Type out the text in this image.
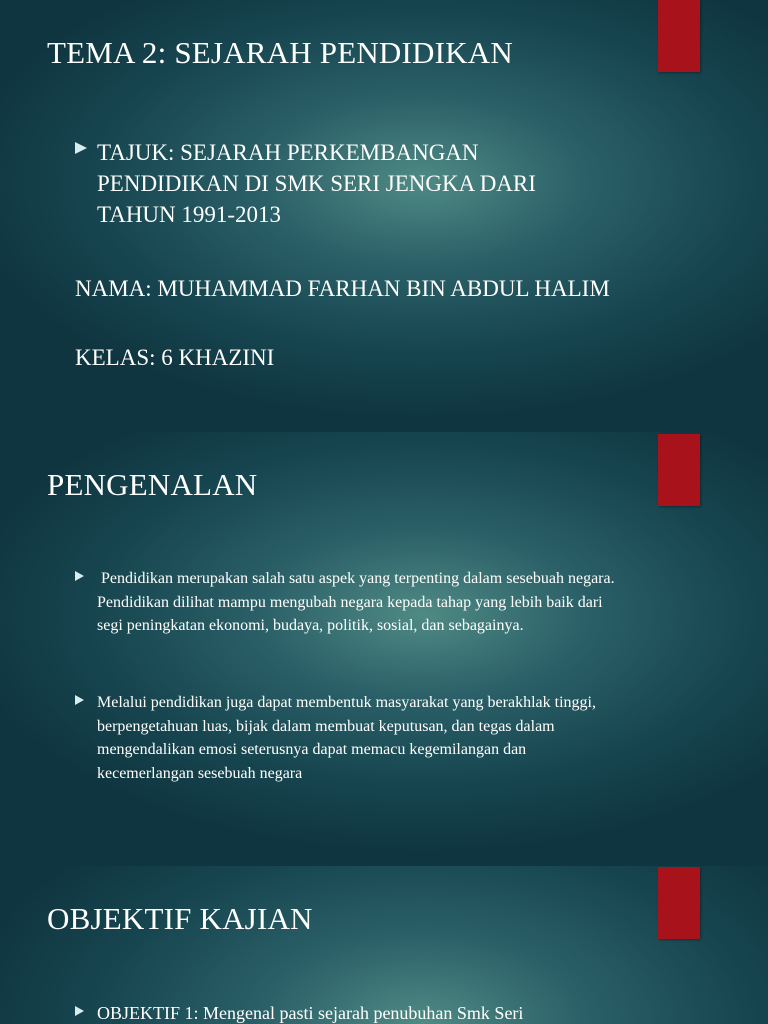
TEMA 2: SEJARAH PENDIDIKAN

TAJUK: SEJARAH PERKEMBANGAN PENDIDIKAN DI SMK SERI JENGKA DARI TAHUN 1991-2013

NAMA: MUHAMMAD FARHAN BIN ABDUL HALIM

KELAS: 6 KHAZINI

PENGENALAN

Pendidikan merupakan salah satu aspek yang terpenting dalam sesebuah negara. Pendidikan dilihat mampu mengubah negara kepada tahap yang lebih baik dari segi peningkatan ekonomi, budaya, politik, sosial, dan sebagainya.

Melalui pendidikan juga dapat membentuk masyarakat yang berakhlak tinggi, berpengetahuan luas, bijak dalam membuat keputusan, dan tegas dalam mengendalikan emosi seterusnya dapat memacu kegemilangan dan kecemerlangan sesebuah negara

OBJEKTIF KAJIAN

OBJEKTIF 1: Mengenal pasti sejarah penubuhan Smk Seri
